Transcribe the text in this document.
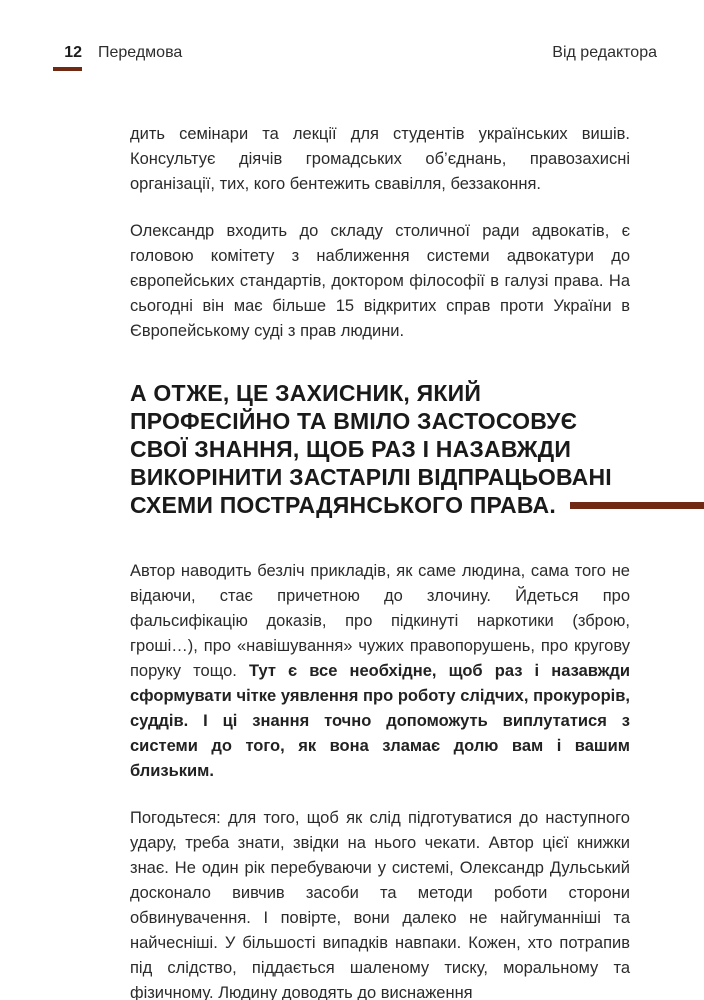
12 Передмова	Від редактора

дить семінари та лекції для студентів українських вишів. Консультує діячів громадських об’єднань, правозахисні організації, тих, кого бентежить свавілля, беззаконня.

Олександр входить до складу столичної ради адвокатів, є головою комітету з наближення системи адвокатури до європейських стандартів, доктором філософії в галузі права. На сьогодні він має більше 15 відкритих справ проти України в Європейському суді з прав людини.

А ОТЖЕ, ЦЕ ЗАХИСНИК, ЯКИЙ
ПРОФЕСІЙНО ТА ВМІЛО ЗАСТОСОВУЄ
СВОЇ ЗНАННЯ, ЩОБ РАЗ І НАЗАВЖДИ
ВИКОРІНИТИ ЗАСТАРІЛІ ВІДПРАЦЬОВАНІ
СХЕМИ ПОСТРАДЯНСЬКОГО ПРАВА.

Автор наводить безліч прикладів, як саме людина, сама того не відаючи, стає причетною до злочину. Йдеться про фальсифікацію доказів, про підкинуті наркотики (зброю, гроші…), про «навішування» чужих правопорушень, про кругову поруку тощо. Тут є все необхідне, щоб раз і назавжди сформувати чітке уявлення про роботу слідчих, прокурорів, суддів. І ці знання точно допоможуть виплутатися з системи до того, як вона зламає долю вам і вашим близьким.

Погодьтеся: для того, щоб як слід підготуватися до наступного удару, треба знати, звідки на нього чекати. Автор цієї книжки знає. Не один рік перебуваючи у системі, Олександр Дульський досконало вивчив засоби та методи роботи сторони обвинувачення. І повірте, вони далеко не найгуманніші та найчесніші. У більшості випадків навпаки. Кожен, хто потрапив під слідство, піддається шаленому тиску, моральному та фізичному. Людину доводять до виснаження
